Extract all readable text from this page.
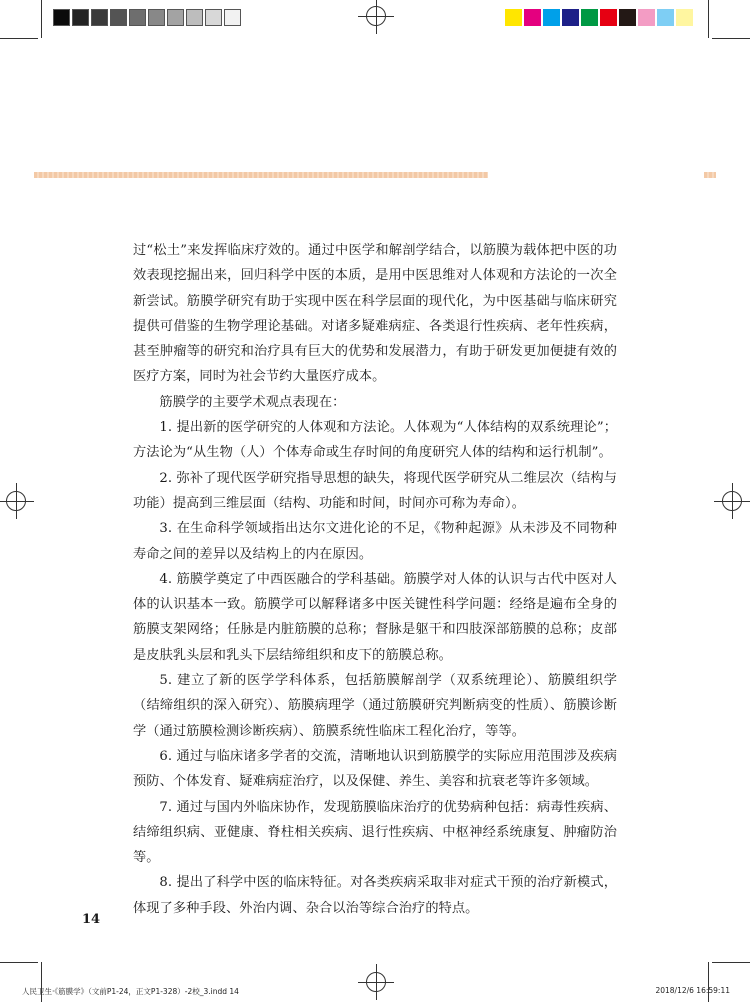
过“松土”来发挥临床疗效的。通过中医学和解剖学结合，以筋膜为载体把中医的功效表现挖掘出来，回归科学中医的本质，是用中医思维对人体观和方法论的一次全新尝试。筋膜学研究有助于实现中医在科学层面的现代化，为中医基础与临床研究提供可借鉴的生物学理论基础。对诸多疑难病症、各类退行性疾病、老年性疾病，甚至肿瘤等的研究和治疗具有巨大的优势和发展潜力，有助于研发更加便捷有效的医疗方案，同时为社会节约大量医疗成本。

筋膜学的主要学术观点表现在：

1. 提出新的医学研究的人体观和方法论。人体观为“人体结构的双系统理论”；方法论为“从生物（人）个体寿命或生存时间的角度研究人体的结构和运行机制”。

2. 弥补了现代医学研究指导思想的缺失，将现代医学研究从二维层次（结构与功能）提高到三维层面（结构、功能和时间，时间亦可称为寿命）。

3. 在生命科学领域指出达尔文进化论的不足，《物种起源》从未涉及不同物种寿命之间的差异以及结构上的内在原因。

4. 筋膜学奠定了中西医融合的学科基础。筋膜学对人体的认识与古代中医对人体的认识基本一致。筋膜学可以解释诸多中医关键性科学问题：经络是遍布全身的筋膜支架网络；任脉是内脏筋膜的总称；督脉是躯干和四肢深部筋膜的总称；皮部是皮肤乳头层和乳头下层结缔组织和皮下的筋膜总称。

5. 建立了新的医学学科体系，包括筋膜解剖学（双系统理论）、筋膜组织学（结缔组织的深入研究）、筋膜病理学（通过筋膜研究判断病变的性质）、筋膜诊断学（通过筋膜检测诊断疾病）、筋膜系统性临床工程化治疗，等等。

6. 通过与临床诸多学者的交流，清晰地认识到筋膜学的实际应用范围涉及疾病预防、个体发育、疑难病症治疗，以及保健、养生、美容和抗衰老等许多领域。

7. 通过与国内外临床协作，发现筋膜临床治疗的优势病种包括：病毒性疾病、结缔组织病、亚健康、脊柱相关疾病、退行性疾病、中枢神经系统康复、肿瘤防治等。

8. 提出了科学中医的临床特征。对各类疾病采取非对症式干预的治疗新模式，体现了多种手段、外治内调、杂合以治等综合治疗的特点。

14
人民卫生·《筋膜学》（文前P1-24，正文P1-328）-2校_3.indd 14	2018/12/6 16:59:11
